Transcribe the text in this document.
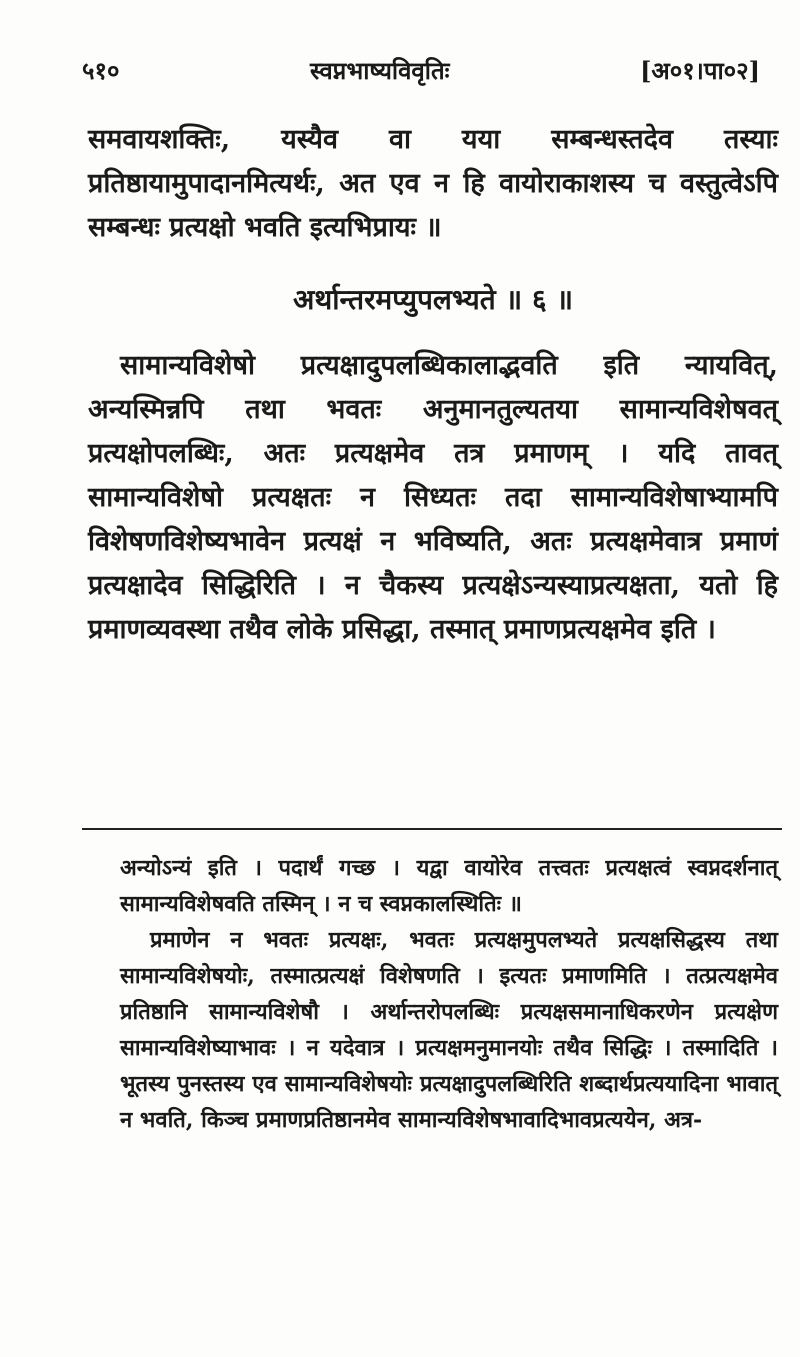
५१०	स्वप्नभाष्यविवृतिः	[अ०१।पा०२]

समवायशक्तिः, यस्यैव वा यया सम्बन्धस्तदेव तस्याः प्रतिष्ठायामुपादानमित्यर्थः, अत एव न हि वायोराकाशस्य च वस्तुत्वेऽपि सम्बन्धः प्रत्यक्षो भवति इत्यभिप्रायः ॥

अर्थान्तरमप्युपलभ्यते ॥ ६ ॥

सामान्यविशेषो प्रत्यक्षादुपलब्धिकालाद्भवति इति न्यायवित्, अन्यस्मिन्नपि तथा भवतः अनुमानतुल्यतया सामान्यविशेषवत् प्रत्यक्षोपलब्धिः, अतः प्रत्यक्षमेव तत्र प्रमाणम् । यदि तावत् सामान्यविशेषो प्रत्यक्षतः न सिध्यतः तदा सामान्यविशेषाभ्यामपि विशेषणविशेष्यभावेन प्रत्यक्षं न भविष्यति, अतः प्रत्यक्षमेवात्र प्रमाणं प्रत्यक्षादेव सिद्धिरिति । न चैकस्य प्रत्यक्षेऽन्यस्याप्रत्यक्षता, यतो हि प्रमाणव्यवस्था तथैव लोके प्रसिद्धा, तस्मात् प्रमाणप्रत्यक्षमेव इति ।

अन्योऽन्यं इति । पदार्थं गच्छ । यद्वा वायोरेव तत्त्वतः प्रत्यक्षत्वं स्वप्नदर्शनात् सामान्यविशेषवति तस्मिन् । न च स्वप्नकालस्थितिः ॥

प्रमाणेन न भवतः प्रत्यक्षः, भवतः प्रत्यक्षमुपलभ्यते प्रत्यक्षसिद्धस्य तथा सामान्यविशेषयोः, तस्मात्प्रत्यक्षं विशेषणति । इत्यतः प्रमाणमिति । तत्प्रत्यक्षमेव प्रतिष्ठानि सामान्यविशेषौ । अर्थान्तरोपलब्धिः प्रत्यक्षसमानाधिकरणेन प्रत्यक्षेण सामान्यविशेष्याभावः । न यदेवात्र । प्रत्यक्षमनुमानयोः तथैव सिद्धिः । तस्मादिति । भूतस्य पुनस्तस्य एव सामान्यविशेषयोः प्रत्यक्षादुपलब्धिरिति शब्दार्थप्रत्ययादिना भावात् न भवति, किञ्च प्रमाणप्रतिष्ठानमेव सामान्यविशेषभावादिभावप्रत्ययेन, अत्र-
